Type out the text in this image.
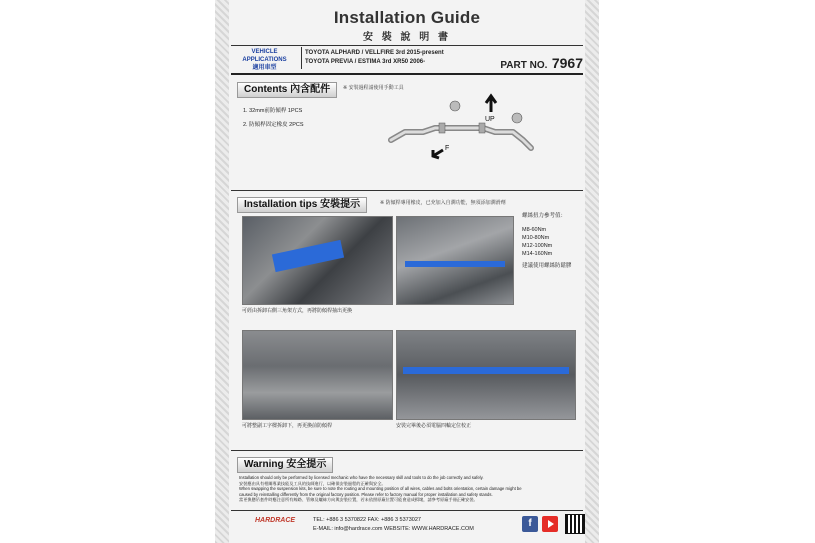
Installation Guide
安 裝 說 明 書
VEHICLE APPLICATIONS
適用車型
TOYOTA ALPHARD / VELLFIRE 3rd 2015-present
TOYOTA PREVIA / ESTIMA 3rd XR50 2006-	PART NO. 7967
Contents 內含配件	※ 安裝過程請使用手動工具
1. 32mm前防傾桿 1PCS
2. 防傾桿固定橡皮 2PCS
UP
F
Installation tips 安裝提示	※ 防傾桿專用橡皮，已充加入自潤功能，無須添加潤滑劑
可經由拆卸右側三角架方式，再將防傾桿抽出更換
螺絲扭力參考值：
M8-60Nm
M10-80Nm
M12-100Nm
M14-160Nm
建議使用螺絲防鬆膠
可將整副工字樑拆卸下，再更換前防傾桿	安裝完畢後必須電腦四輪定位校正
Warning 安全提示
Installation should only be performed by licensed mechanic who have the necessary skill and tools to do the job correctly and safely.
安裝應由具有相關專業技能及工具的技師進行，以確保安裝過程的正確與安全。
When swapping the suspension kits, be sure to note the routing and mounting position of all wires, cables and bolts orientation, certain damage might be
caused by reinstalling differently from the original factory position. Please refer to factory manual for proper installation and safety stands.
當更換懸吊套件時應注意所有線路、管線及螺絲方向與安裝位置，若未依照原廠位置可能會造成損壞，請參考原廠手冊正確安裝。
HARDRACE	TEL: +886 3 5370822 FAX: +886 3 5373027
E-MAIL: info@hardrace.com WEBSITE: WWW.HARDRACE.COM	f
